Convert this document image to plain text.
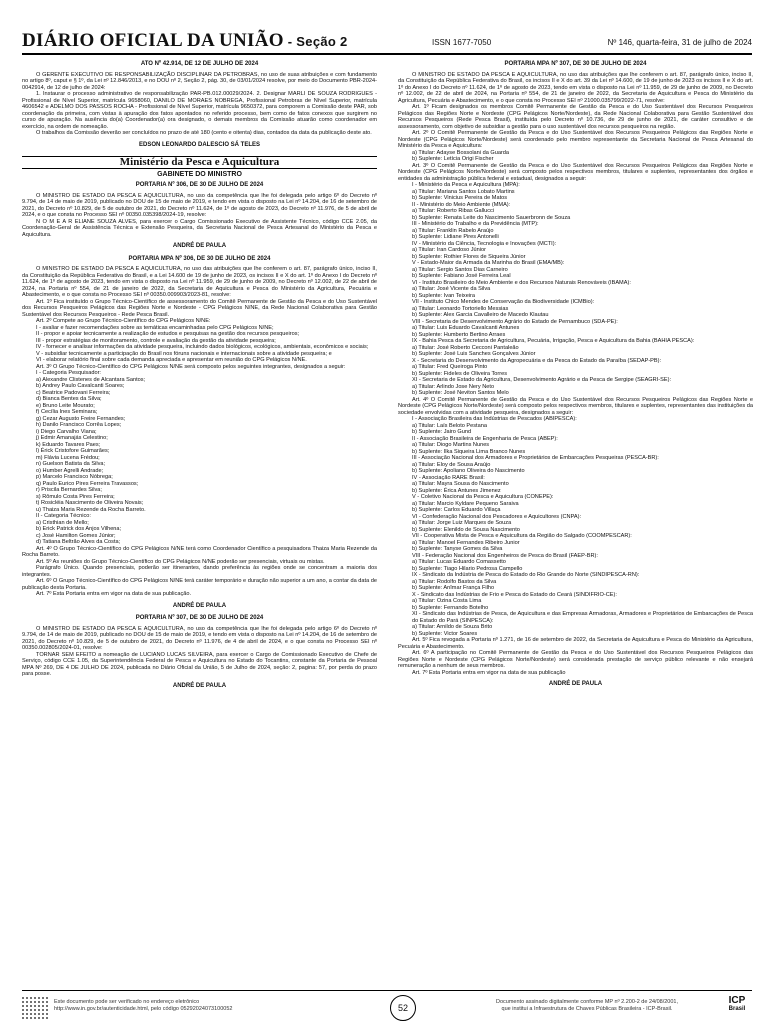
DIÁRIO OFICIAL DA UNIÃO - Seção 2	ISSN 1677-7050	Nº 146, quarta-feira, 31 de julho de 2024
ATO Nº 42.914, DE 12 DE JULHO DE 2024
O GERENTE EXECUTIVO DE RESPONSABILIZAÇÃO DISCIPLINAR DA PETROBRAS, no uso de suas atribuições e com fundamento no artigo 8º, caput e § 1º, da Lei nº 12.846/2013, e no DOU nº 2, Seção 2, pág. 30, de 03/01/2024 resolve, por meio do Documento PBR-2024-0042914, de 12 de julho de 2024:
1. Instaurar o processo administrativo de responsabilização PAR-PB.012.00029/2024. 2. Designar MARLI DE SOUZA RODRIGUES - Profissional de Nível Superior, matrícula 9658060, DANILO DE MORAES NOBREGA, Profissional Petrobras de Nível Superior, matrícula 4606542 e ADELMO DOS PASSOS ROCHA - Profissional de Nível Superior, matrícula 9650372, para comporem a Comissão deste PAR, sob coordenação da primeira, com vistas à apuração dos fatos apontados no referido processo, bem como de fatos conexos que surgirem no curso de apuração. Na ausência do(a) Coordenador(a) ora designado, o demais membros da Comissão atuarão como coordenador em exercício, na ordem de nomeação.
O trabalhos da Comissão deverão ser concluídos no prazo de até 180 (cento e oitenta) dias, contados da data da publicação deste ato.
EDSON LEONARDO DALESCIO SÁ TELES
Ministério da Pesca e Aquicultura
GABINETE DO MINISTRO
PORTARIA Nº 306, DE 30 DE JULHO DE 2024
O MINISTRO DE ESTADO DA PESCA E AQUICULTURA, no uso da competência que lhe foi delegada pelo artigo 6º do Decreto nº 9.794, de 14 de maio de 2019, publicado no DOU de 15 de maio de 2019, e tendo em vista o disposto na Lei nº 14.204, de 16 de setembro de 2021, do Decreto nº 10.829, de 5 de outubro de 2021, do Decreto nº 11.624, de 1º de agosto de 2023, do Decreto nº 11.976, de 5 de abril de 2024, e o que consta no Processo SEI nº 00350.035398/2024-19, resolve:
N O M E A R ELIANE SOUZA ALVES, para exercer o Cargo Comissionado Executivo de Assistente Técnico, código CCE 2.05, da Coordenação-Geral de Assistência Técnica e Extensão Pesqueira, da Secretaria Nacional de Pesca Artesanal do Ministério da Pesca e Aquicultura.
ANDRÉ DE PAULA
PORTARIA MPA Nº 306, DE 30 DE JULHO DE 2024
O MINISTRO DE ESTADO DA PESCA E AQUICULTURA, no uso das atribuições que lhe conferem o art. 87, parágrafo único, inciso II, da Constituição da República Federativa do Brasil, e a Lei 14.600 de 19 de junho de 2023, os incisos II e X do art. 1º do Anexo I do Decreto nº 11.624, de 1º de agosto de 2023, tendo em vista o disposto na Lei nº 11.959, de 29 de junho de 2009, no Decreto nº 12.002, de 22 de abril de 2024, na Portaria nº 554, de 21 de janeiro de 2022, da Secretaria de Aquicultura e Pesca do Ministério da Agricultura, Pecuária e Abastecimento, e o que consta no Processo SEI nº 00350.009903/2023-81, resolve:
Art. 1º Fica instituído o Grupo Técnico-Científico de assessoramento do Comitê Permanente de Gestão da Pesca e do Uso Sustentável dos Recursos Pesqueiros Pelágicos das Regiões Norte e Nordeste - CPG Pelágicos N/NE, da Rede Nacional Colaborativa para Gestão Sustentável dos Recursos Pesqueiros - Rede Pesca Brasil.
Art. 2º Compete ao Grupo Técnico-Científico do CPG Pelágicos N/NE:
I - avaliar e fazer recomendações sobre as temáticas encaminhadas pelo CPG Pelágicos N/NE;
II - propor e apoiar tecnicamente a realização de estudos e pesquisas na gestão dos recursos pesqueiros;
III - propor estratégias de monitoramento, controle e avaliação da gestão da atividade pesqueira;
IV - fornecer e analisar informações da atividade pesqueira, incluindo dados biológicos, ecológicos, ambientais, econômicos e sociais;
V - subsidiar tecnicamente a participação do Brasil nos fóruns nacionais e internacionais sobre a atividade pesqueira; e
VI - elaborar relatório final sobre cada demanda apreciada e apresentar em reunião do CPG Pelágicos N/NE.
Art. 3º O Grupo Técnico-Científico do CPG Pelágicos N/NE será composto pelos seguintes integrantes, designados a seguir:
I - Categoria Pesquisador:
a) Alexandre Clistenes de Alcantara Santos;
b) Andrey Paulo Cavalcanti Soares;
c) Beatrice Padovani Ferreira;
d) Bianca Bentes da Silva;
e) Bruno Leite Mourato;
f) Cecília Ines Seminara;
g) Cezar Augusto Freire Fernandes;
h) Danilo Francisco Corrêa Lopes;
i) Diego Carvalho Viana;
j) Edmir Amanajás Celestino;
k) Eduardo Tavares Paes;
l) Érick Cristofore Guimarães;
m) Flávia Lucena Frédou;
n) Guelson Batista da Silva;
o) Humber Agrelli Andrade;
p) Marcelo Francisco Nóbrega;
q) Paulo Eurico Pires Ferreira Travassos;
r) Priscila Bernardes Silva;
s) Rômulo Costa Pires Ferreira;
t) Rosicléia Nascimento de Oliveira Novais;
u) Thaiza Maria Rezende da Rocha Barreto.
II - Categoria Técnico:
a) Cristhian de Mello;
b) Erick Patrick dos Anjos Vilhena;
c) José Hamilton Gomes Júnior;
d) Tatiana Beltrão Alves da Costa;
Art. 4º O Grupo Técnico-Científico do CPG Pelágicos N/NE terá como Coordenador Científico a pesquisadora Thaiza Maria Rezende da Rocha Barreto.
Art. 5º As reuniões do Grupo Técnico-Científico do CPG Pelágicos N/NE poderão ser presenciais, virtuais ou mistas.
Parágrafo Único. Quando presenciais, poderão ser itinerantes, dando preferência às regiões onde se concentram a maioria dos integrantes.
Art. 6º O Grupo Técnico-Científico do CPG Pelágicos N/NE terá caráter temporário e duração não superior a um ano, a contar da data de publicação desta Portaria.
Art. 7º Esta Portaria entra em vigor na data de sua publicação.
ANDRÉ DE PAULA
PORTARIA Nº 307, DE 30 DE JULHO DE 2024
O MINISTRO DE ESTADO DA PESCA E AQUICULTURA, no uso da competência que lhe foi delegada pelo artigo 6º do Decreto nº 9.794, de 14 de maio de 2019, publicado no DOU de 15 de maio de 2019, e tendo em vista o disposto na Lei nº 14.204, de 16 de setembro de 2021, do Decreto nº 10.829, de 5 de outubro de 2021, do Decreto nº 11.976, de 4 de abril de 2024, e o que consta no Processo SEI nº 00350.002805/2024-01, resolve:
TORNAR SEM EFEITO a nomeação de LUCIANO LUCAS SILVEIRA, para exercer o Cargo de Comissionado Executivo de Chefe de Serviço, código CCE 1.05, da Superintendência Federal de Pesca e Aquicultura no Estado do Tocantins, constante da Portaria de Pessoal MPA Nº 269, DE 4 DE JULHO DE 2024, publicada no Diário Oficial da União, 5 de Julho de 2024, seção: 2, pagina: 57, por perda do prazo para posse.
ANDRÉ DE PAULA
PORTARIA MPA Nº 307, DE 30 DE JULHO DE 2024
O MINISTRO DE ESTADO DA PESCA E AQUICULTURA, no uso das atribuições que lhe conferem o art. 87, parágrafo único, inciso II, da Constituição da República Federativa do Brasil, os incisos II e X do art. 39 da Lei nº 14.600, de 19 de junho de 2023 os incisos II e X do art. 1º do Anexo I do Decreto nº 11.624, de 1º de agosto de 2023, tendo em vista o disposto na Lei nº 11.959, de 29 de junho de 2009, no Decreto nº 12.002, de 22 de abril de 2024, na Portaria nº 554, de 21 de janeiro de 2022, da Secretaria de Aquicultura e Pesca do Ministério da Agricultura, Pecuária e Abastecimento, e o que consta no Processo SEI nº 21000.035799/2022-71, resolve:
Art. 1º Ficam designados os membros Comitê Permanente de Gestão da Pesca e do Uso Sustentável dos Recursos Pesqueiros Pelágicos das Regiões Norte e Nordeste (CPG Pelágicos Norte/Nordeste), da Rede Nacional Colaborativa para Gestão Sustentável dos Recursos Pesqueiros (Rede Pesca Brasil), instituída pelo Decreto nº 10.736, de 29 de junho de 2021, de caráter consultivo e de assessoramento, com objetivo de subsidiar a gestão para o uso sustentável dos recursos pesqueiros na região.
Art. 2º O Comitê Permanente de Gestão da Pesca e do Uso Sustentável dos Recursos Pesqueiros Pelágicos das Regiões Norte e Nordeste (CPG Pelágicos Norte/Nordeste) será coordenado pelo membro representante da Secretaria Nacional de Pesca Artesanal do Ministério da Pesca e Aquicultura:
a) Titular: Adayse Bossolani da Guarda
b) Suplente: Letícia Origi Fischer
Art. 3º O Comitê Permanente de Gestão da Pesca e do Uso Sustentável dos Recursos Pesqueiros Pelágicos das Regiões Norte e Nordeste (CPG Pelágicos Norte/Nordeste) será composto pelos respectivos membros, titulares e suplentes, representantes dos órgãos e entidades da administração pública federal e estadual, designados a seguir:
I - Ministério da Pesca e Aquicultura (MPA):
a) Titular: Mariana Santos Lobato Martins
b) Suplente: Vinicius Pereira de Matos
II - Ministério do Meio Ambiente (MMA):
a) Titular: Roberto Ribas Gallucci
b) Suplente: Renata Leite do Nascimento Sauerbronn de Souza
III - Ministério do Trabalho e da Previdência (MTP):
a) Titular: Franklin Rabelo Araújo
b) Suplente: Lidiane Pires Antonelli
IV - Ministério da Ciência, Tecnologia e Inovações (MCTI):
a) Titular: Iran Cardoso Júnior
b) Suplente: Rothier Flores de Siqueira Júnior
V - Estado-Maior da Armada da Marinha do Brasil (EMA/MB):
a) Titular: Sergio Santos Dias Carneiro
b) Suplente: Fabiano José Ferreira Leal
VI - Instituto Brasileiro do Meio Ambiente e dos Recursos Naturais Renováveis (IBAMA):
a) Titular: José Vicente da Silva
b) Suplente: Ivan Teixeira
VII - Instituto Chico Mendes de Conservação da Biodiversidade (ICMBio):
a) Titular: Leonardo Tortoriello Messias
b) Suplente: Alex Garcia Cavalleiro de Macedo Klautau
VIII - Secretaria de Desenvolvimento Agrário do Estado de Pernambuco (SDA-PE):
a) Titular: Luis Eduardo Cavalcanti Antunes
b) Suplente: Humberto Bertino Arraes
IX - Bahia Pesca da Secretaria de Agricultura, Pecuária, Irrigação, Pesca e Aquicultura da Bahia (BAHIA PESCA):
a) Titular: José Roberto Cecconi Pantaleão
b) Suplente: José Luis Sanches Gonçalves Júnior
X - Secretaria do Desenvolvimento da Agropecuária e da Pesca do Estado da Paraíba (SEDAP-PB):
a) Titular: Fred Queiroga Pinto
b) Suplente: Fideles de Oliveira Torres
XI - Secretaria de Estado da Agricultura, Desenvolvimento Agrário e da Pesca de Sergipe (SEAGRI-SE):
a) Titular: Arlindo Jose Nery Neto
b) Suplente: José Neviton Santos Melo
Art. 4º O Comitê Permanente de Gestão da Pesca e do Uso Sustentável dos Recursos Pesqueiros Pelágicos das Regiões Norte e Nordeste (CPG Pelágicos Norte/Nordeste) será composto pelos respectivos membros, titulares e suplentes, representantes das instituições da sociedade envolvidas com a atividade pesqueira, designados a seguir:
I - Associação Brasileira das Indústrias de Pescados (ABIPESCA):
a) Titular: Laís Beloto Pestana
b) Suplente: Jairo Gund
II - Associação Brasileira de Engenharia de Pesca (ABEP):
a) Titular: Diogo Martins Nunes
b) Suplente: Ilka Siqueira Lima Branco Nunes
III - Associação Nacional dos Armadores e Proprietários de Embarcações Pesqueiras (PESCA-BR):
a) Titular: Eloy de Sousa Araújo
b) Suplente: Apoliano Oliveira do Nascimento
IV - Associação RARE Brasil:
a) Titular: Mayra Sousa do Nascimento
b) Suplente: Érica Antunes Jimenez
V - Coletivo Nacional da Pesca e Aquicultura (CONEPE):
a) Titular: Marcio Kyldare Pequeno Saraiva
b) Suplente: Carlos Eduardo Villaça
VI - Confederação Nacional dos Pescadores e Aquicultores (CNPA):
a) Titular: Jorge Luiz Marques de Souza
b) Suplente: Elenildo de Sousa Nascimento
VII - Cooperativa Mista de Pesca e Aquicultura da Região do Salgado (COOMPESCAR):
a) Titular: Manoel Fernandes Ribeiro Junior
b) Suplente: Tanyse Gomes da Silva
VIII - Federação Nacional dos Engenheiros de Pesca do Brasil (FAEP-BR):
a) Titular: Lucas Eduardo Comassetto
b) Suplente: Tiago Hilario Pedrosa Campello
IX - Sindicato da Indústria de Pesca do Estado do Rio Grande do Norte (SINDIPESCA-RN):
a) Titular: Rodolfo Bastos da Silva
b) Suplente: Anîmar França Filho
X - Sindicato das Indústrias de Frio e Pesca do Estado do Ceará (SINDIFRIO-CE):
a) Titular: Ozina Costa Lima
b) Suplente: Fernando Botelho
XI - Sindicato das Indústrias de Pesca, de Aquicultura e das Empresas Armadoras, Armadores e Proprietários de Embarcações de Pesca do Estado do Pará (SINPESCA):
a) Titular: Arnildo de Souza Brito
b) Suplente: Victor Soares
Art. 5º Fica revogada a Portaria nº 1.271, de 16 de setembro de 2022, da Secretaria de Aquicultura e Pesca do Ministério da Agricultura, Pecuária e Abastecimento.
Art. 6º A participação no Comitê Permanente de Gestão da Pesca e do Uso Sustentável dos Recursos Pesqueiros Pelágicos das Regiões Norte e Nordeste (CPG Pelágicos Norte/Nordeste) será considerada prestação de serviço público relevante e não ensejará remuneração a nenhum de seus membros.
Art. 7º Esta Portaria entra em vigor na data de sua publicação
ANDRÉ DE PAULA
Este documento pode ser verificado no endereço eletrônico
http://www.in.gov.br/autenticidade.html, pelo código 05292024073100052	52
Documento assinado digitalmente conforme MP nº 2.200-2 de 24/08/2001,
que institui a Infraestrutura de Chaves Públicas Brasileira - ICP-Brasil.
ICP
Brasil
